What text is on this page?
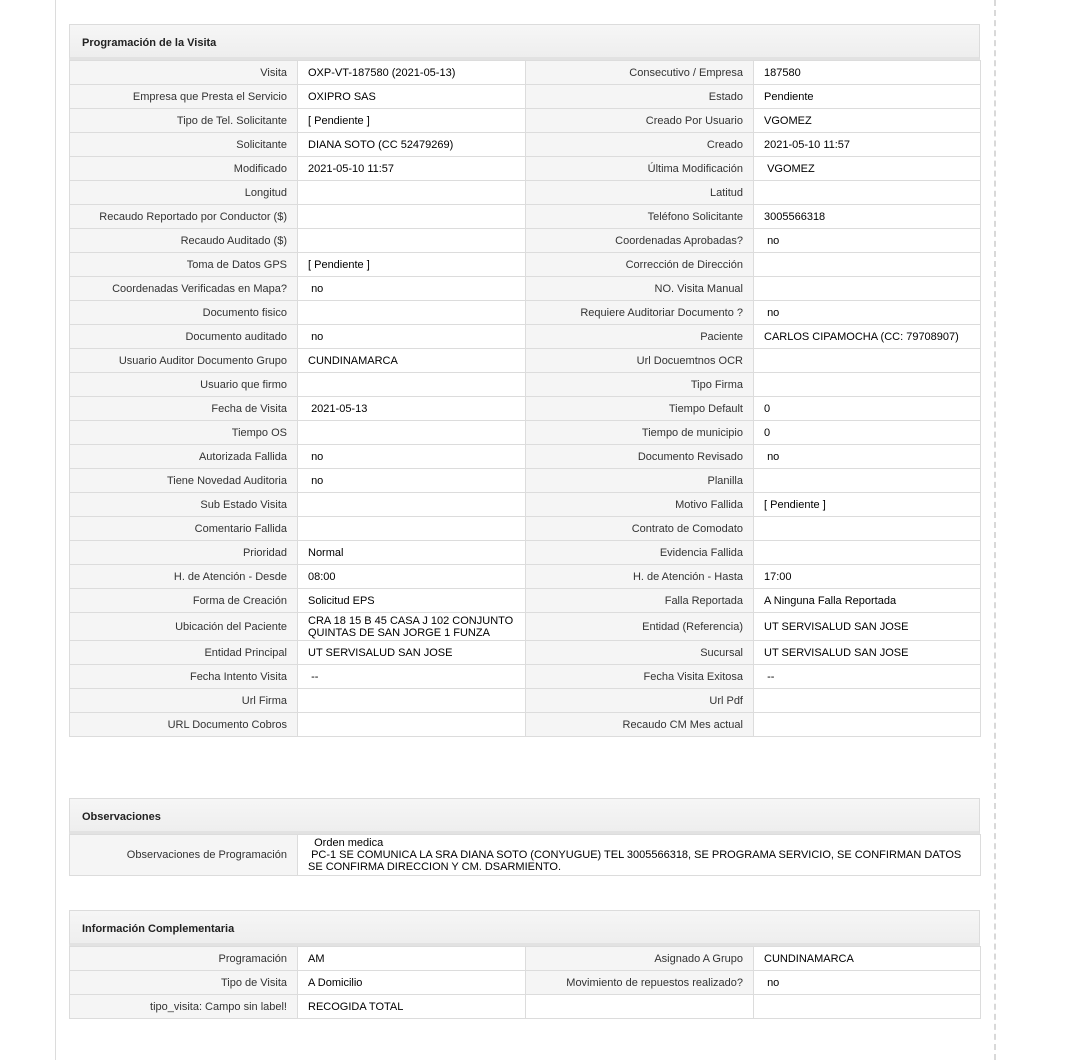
Programación de la Visita
Visita	OXP-VT-187580 (2021-05-13)	Consecutivo / Empresa	187580
Empresa que Presta el Servicio	OXIPRO SAS	Estado	Pendiente
Tipo de Tel. Solicitante	[ Pendiente ]	Creado Por Usuario	VGOMEZ
Solicitante	DIANA SOTO (CC 52479269)	Creado	2021-05-10 11:57
Modificado	2021-05-10 11:57	Última Modificación	VGOMEZ
Longitud		Latitud	
Recaudo Reportado por Conductor ($)		Teléfono Solicitante	3005566318
Recaudo Auditado ($)		Coordenadas Aprobadas?	no
Toma de Datos GPS	[ Pendiente ]	Corrección de Dirección	
Coordenadas Verificadas en Mapa?	no	NO. Visita Manual	
Documento fisico		Requiere Auditoriar Documento ?	no
Documento auditado	no	Paciente	CARLOS CIPAMOCHA (CC: 79708907)
Usuario Auditor Documento Grupo	CUNDINAMARCA	Url Docuemtnos OCR	
Usuario que firmo		Tipo Firma	
Fecha de Visita	2021-05-13	Tiempo Default	0
Tiempo OS		Tiempo de municipio	0
Autorizada Fallida	no	Documento Revisado	no
Tiene Novedad Auditoria	no	Planilla	
Sub Estado Visita		Motivo Fallida	[ Pendiente ]
Comentario Fallida		Contrato de Comodato	
Prioridad	Normal	Evidencia Fallida	
H. de Atención - Desde	08:00	H. de Atención - Hasta	17:00
Forma de Creación	Solicitud EPS	Falla Reportada	A Ninguna Falla Reportada
Ubicación del Paciente	CRA 18 15 B 45 CASA J 102 CONJUNTO QUINTAS DE SAN JORGE 1 FUNZA	Entidad (Referencia)	UT SERVISALUD SAN JOSE
Entidad Principal	UT SERVISALUD SAN JOSE	Sucursal	UT SERVISALUD SAN JOSE
Fecha Intento Visita	--	Fecha Visita Exitosa	--
Url Firma		Url Pdf	
URL Documento Cobros		Recaudo CM Mes actual	
Observaciones
Observaciones de Programación	
Orden medica
PC-1 SE COMUNICA LA SRA DIANA SOTO (CONYUGUE) TEL 3005566318, SE PROGRAMA SERVICIO, SE CONFIRMAN DATOS SE CONFIRMA DIRECCION Y CM. DSARMIENTO.
Información Complementaria
Programación	AM	Asignado A Grupo	CUNDINAMARCA
Tipo de Visita	A Domicilio	Movimiento de repuestos realizado?	no
tipo_visita: Campo sin label!	RECOGIDA TOTAL		
